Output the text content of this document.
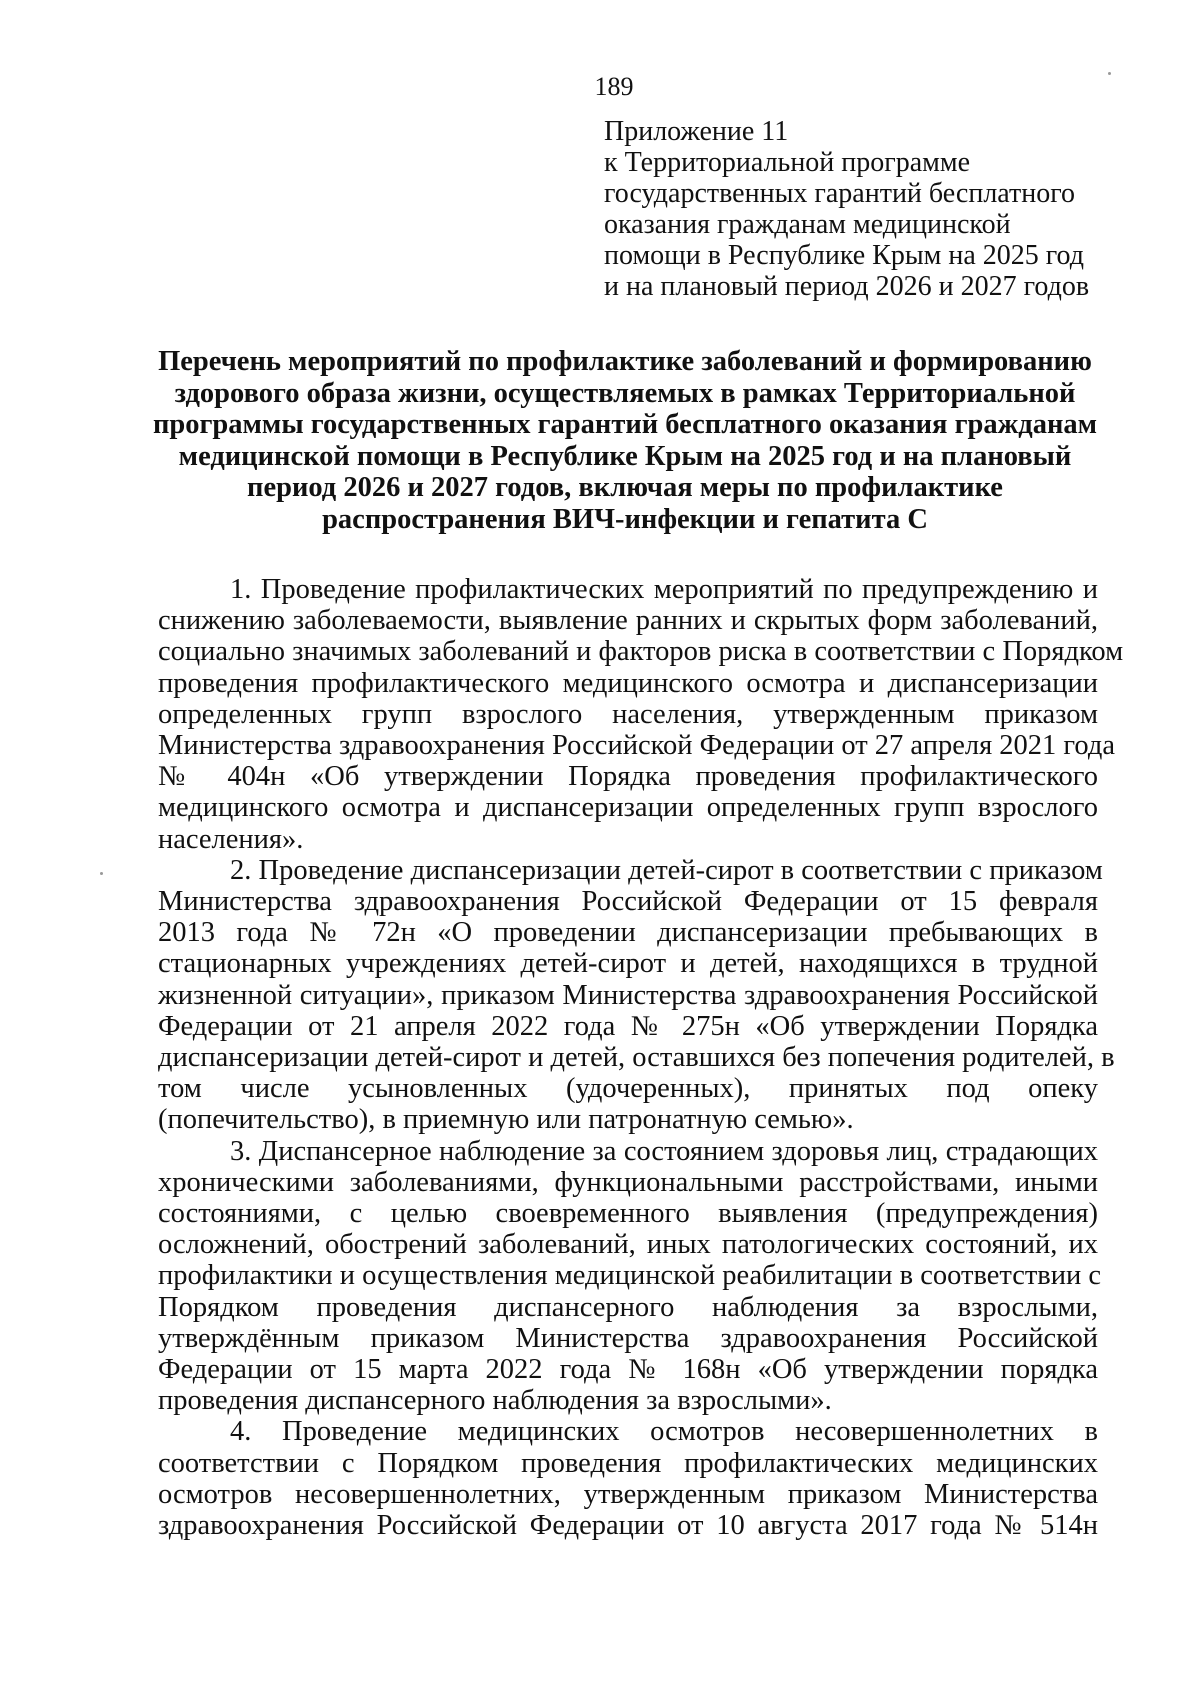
189
Приложение 11
к Территориальной программе
государственных гарантий бесплатного
оказания гражданам медицинской
помощи в Республике Крым на 2025 год
и на плановый период 2026 и 2027 годов
Перечень мероприятий по профилактике заболеваний и формированию
здорового образа жизни, осуществляемых в рамках Территориальной
программы государственных гарантий бесплатного оказания гражданам
медицинской помощи в Республике Крым на 2025 год и на плановый
период 2026 и 2027 годов, включая меры по профилактике
распространения ВИЧ-инфекции и гепатита С
1. Проведение профилактических мероприятий по предупреждению и
снижению заболеваемости, выявление ранних и скрытых форм заболеваний,
социально значимых заболеваний и факторов риска в соответствии с Порядком
проведения профилактического медицинского осмотра и диспансеризации
определенных групп взрослого населения, утвержденным приказом
Министерства здравоохранения Российской Федерации от 27 апреля 2021 года
№ 404н «Об утверждении Порядка проведения профилактического
медицинского осмотра и диспансеризации определенных групп взрослого
населения».
2. Проведение диспансеризации детей-сирот в соответствии с приказом
Министерства здравоохранения Российской Федерации от 15 февраля
2013 года № 72н «О проведении диспансеризации пребывающих в
стационарных учреждениях детей-сирот и детей, находящихся в трудной
жизненной ситуации», приказом Министерства здравоохранения Российской
Федерации от 21 апреля 2022 года № 275н «Об утверждении Порядка
диспансеризации детей-сирот и детей, оставшихся без попечения родителей, в
том числе усыновленных (удочеренных), принятых под опеку
(попечительство), в приемную или патронатную семью».
3. Диспансерное наблюдение за состоянием здоровья лиц, страдающих
хроническими заболеваниями, функциональными расстройствами, иными
состояниями, с целью своевременного выявления (предупреждения)
осложнений, обострений заболеваний, иных патологических состояний, их
профилактики и осуществления медицинской реабилитации в соответствии с
Порядком проведения диспансерного наблюдения за взрослыми,
утверждённым приказом Министерства здравоохранения Российской
Федерации от 15 марта 2022 года № 168н «Об утверждении порядка
проведения диспансерного наблюдения за взрослыми».
4. Проведение медицинских осмотров несовершеннолетних в
соответствии с Порядком проведения профилактических медицинских
осмотров несовершеннолетних, утвержденным приказом Министерства
здравоохранения Российской Федерации от 10 августа 2017 года № 514н
